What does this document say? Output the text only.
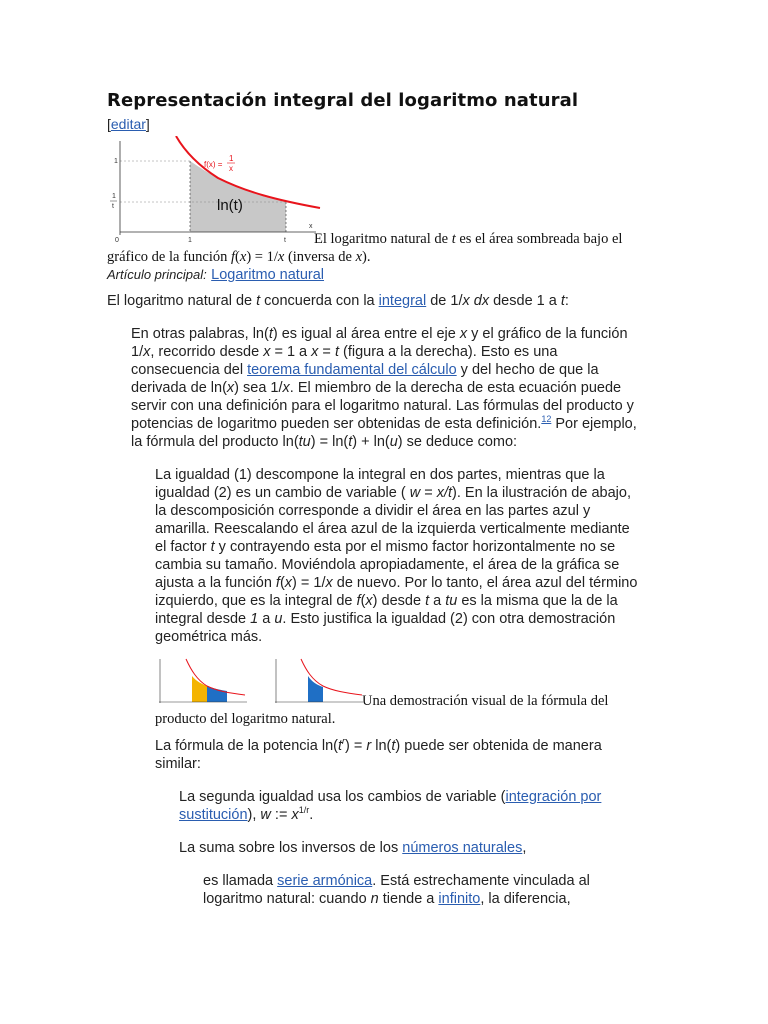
Representación integral del logaritmo natural
[editar]
f(x) =
1
x
ln(t)
1
1
t
0	1	t
x
El logaritmo natural de t es el área sombreada bajo el
gráfico de la función f(x) = 1/x (inversa de x).
Artículo principal: Logaritmo natural
El logaritmo natural de t concuerda con la integral de 1/x dx desde 1 a t:
En otras palabras, ln(t) es igual al área entre el eje x y el gráfico de la función
1/x, recorrido desde x = 1 a x = t (figura a la derecha). Esto es una
consecuencia del teorema fundamental del cálculo y del hecho de que la
derivada de ln(x) sea 1/x. El miembro de la derecha de esta ecuación puede
servir con una definición para el logaritmo natural. Las fórmulas del producto y
potencias de logaritmo pueden ser obtenidas de esta definición.$^{12}$ Por ejemplo,
la fórmula del producto ln(tu) = ln(t) + ln(u) se deduce como:
La igualdad (1) descompone la integral en dos partes, mientras que la
igualdad (2) es un cambio de variable ( w = x/t). En la ilustración de abajo,
la descomposición corresponde a dividir el área en las partes azul y
amarilla. Reescalando el área azul de la izquierda verticalmente mediante
el factor t y contrayendo esta por el mismo factor horizontalmente no se
cambia su tamaño. Moviéndola apropiadamente, el área de la gráfica se
ajusta a la función f(x) = 1/x de nuevo. Por lo tanto, el área azul del término
izquierdo, que es la integral de f(x) desde t a tu es la misma que la de la
integral desde 1 a u. Esto justifica la igualdad (2) con otra demostración
geométrica más.
Una demostración visual de la fórmula del
producto del logaritmo natural.
La fórmula de la potencia $\ln(t^r) = r$ ln(t) puede ser obtenida de manera
similar:
La segunda igualdad usa los cambios de variable (integración por
sustitución), w := $x^{1/r}$.
La suma sobre los inversos de los números naturales,
es llamada serie armónica. Está estrechamente vinculada al
logaritmo natural: cuando n tiende a infinito, la diferencia,
